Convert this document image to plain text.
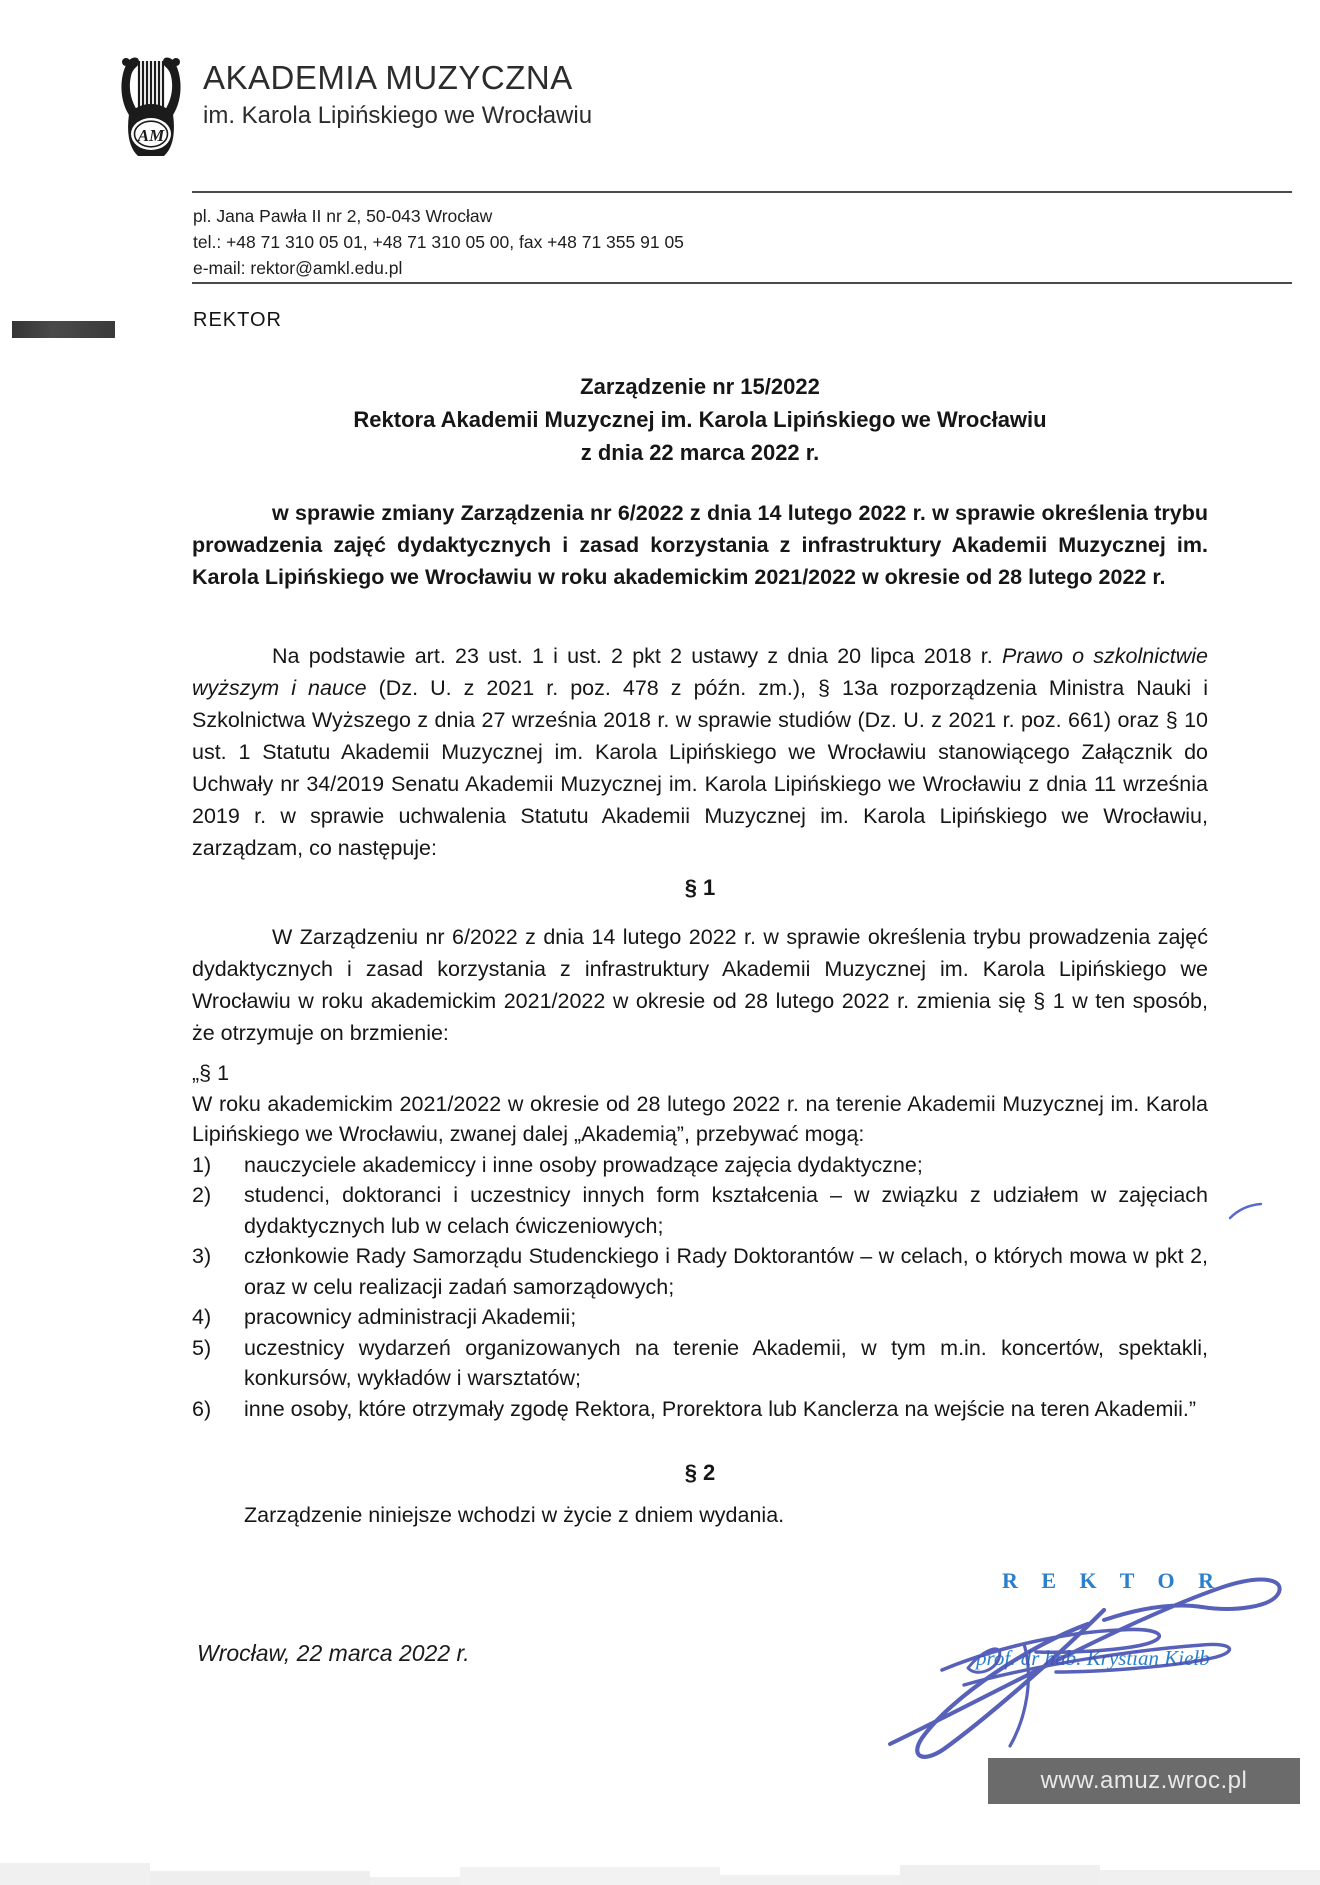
AM
AKADEMIA MUZYCZNA
im. Karola Lipińskiego we Wrocławiu
pl. Jana Pawła II nr 2, 50-043 Wrocław
tel.: +48 71 310 05 01, +48 71 310 05 00, fax +48 71 355 91 05
e-mail: rektor@amkl.edu.pl
REKTOR
Zarządzenie nr 15/2022
Rektora Akademii Muzycznej im. Karola Lipińskiego we Wrocławiu
z dnia 22 marca 2022 r.

w sprawie zmiany Zarządzenia nr 6/2022 z dnia 14 lutego 2022 r. w sprawie określenia trybu prowadzenia zajęć dydaktycznych i zasad korzystania z infrastruktury Akademii Muzycznej im. Karola Lipińskiego we Wrocławiu w roku akademickim 2021/2022 w okresie od 28 lutego 2022 r.

Na podstawie art. 23 ust. 1 i ust. 2 pkt 2 ustawy z dnia 20 lipca 2018 r. Prawo o szkolnictwie wyższym i nauce (Dz. U. z 2021 r. poz. 478 z późn. zm.), § 13a rozporządzenia Ministra Nauki i Szkolnictwa Wyższego z dnia 27 września 2018 r. w sprawie studiów (Dz. U. z 2021 r. poz. 661) oraz § 10 ust. 1 Statutu Akademii Muzycznej im. Karola Lipińskiego we Wrocławiu stanowiącego Załącznik do Uchwały nr 34/2019 Senatu Akademii Muzycznej im. Karola Lipińskiego we Wrocławiu z dnia 11 września 2019 r. w sprawie uchwalenia Statutu Akademii Muzycznej im. Karola Lipińskiego we Wrocławiu, zarządzam, co następuje:

§ 1

W Zarządzeniu nr 6/2022 z dnia 14 lutego 2022 r. w sprawie określenia trybu prowadzenia zajęć dydaktycznych i zasad korzystania z infrastruktury Akademii Muzycznej im. Karola Lipińskiego we Wrocławiu w roku akademickim 2021/2022 w okresie od 28 lutego 2022 r. zmienia się § 1 w ten sposób, że otrzymuje on brzmienie:

„§ 1
W roku akademickim 2021/2022 w okresie od 28 lutego 2022 r. na terenie Akademii Muzycznej im. Karola Lipińskiego we Wrocławiu, zwanej dalej „Akademią”, przebywać mogą:
1)	nauczyciele akademiccy i inne osoby prowadzące zajęcia dydaktyczne;
2)	studenci, doktoranci i uczestnicy innych form kształcenia – w związku z udziałem w zajęciach dydaktycznych lub w celach ćwiczeniowych;
3)	członkowie Rady Samorządu Studenckiego i Rady Doktorantów – w celach, o których mowa w pkt 2, oraz w celu realizacji zadań samorządowych;
4)	pracownicy administracji Akademii;
5)	uczestnicy wydarzeń organizowanych na terenie Akademii, w tym m.in. koncertów, spektakli, konkursów, wykładów i warsztatów;
6)	inne osoby, które otrzymały zgodę Rektora, Prorektora lub Kanclerza na wejście na teren Akademii.”
§ 2

Zarządzenie niniejsze wchodzi w życie z dniem wydania.

Wrocław, 22 marca 2022 r.
R E K T O R
prof. dr hab. Krystian Kiełb
www.amuz.wroc.pl
